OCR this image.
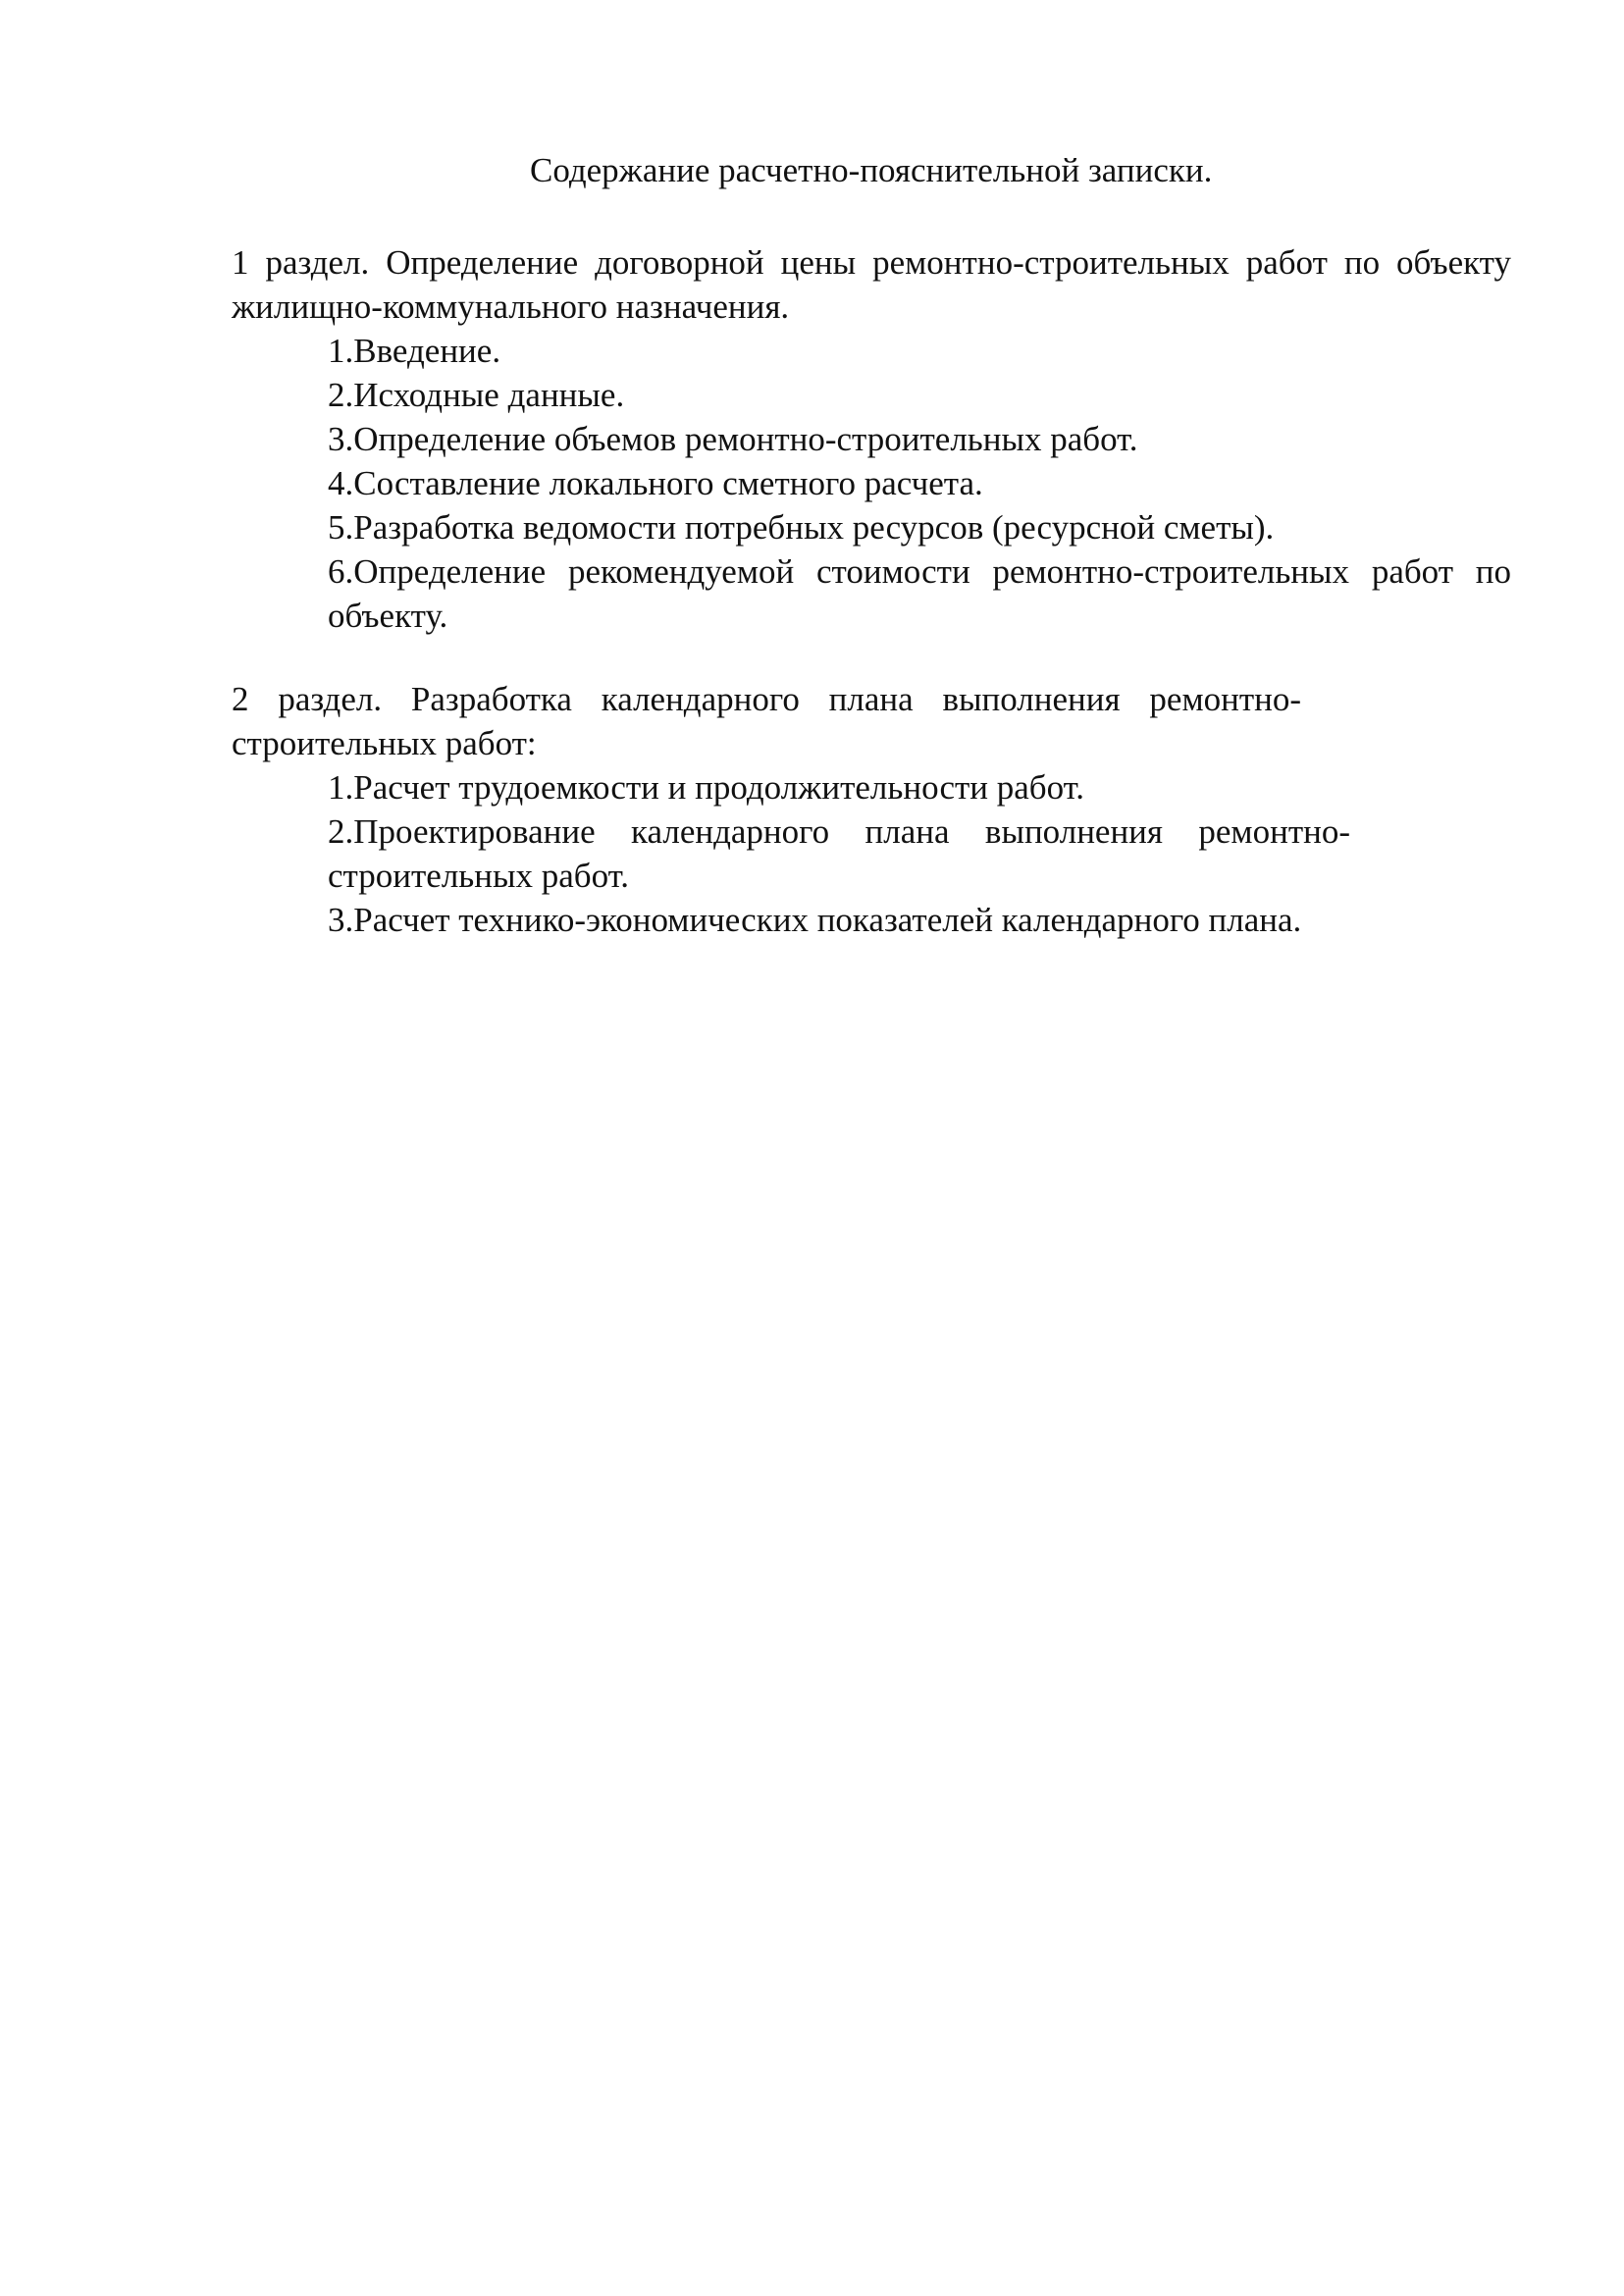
Содержание расчетно-пояснительной записки.

1 раздел. Определение договорной цены ремонтно-строительных работ по объекту жилищно-коммунального назначения.

1.Введение.
2.Исходные данные.
3.Определение объемов ремонтно-строительных работ.
4.Составление локального сметного расчета.
5.Разработка ведомости потребных ресурсов (ресурсной сметы).
6.Определение рекомендуемой стоимости ремонтно-строительных работ по объекту.

2 раздел. Разработка календарного плана выполнения ремонтно-строительных работ:

1.Расчет трудоемкости и продолжительности работ.
2.Проектирование календарного плана выполнения ремонтно-строительных работ.
3.Расчет технико-экономических показателей календарного плана.
